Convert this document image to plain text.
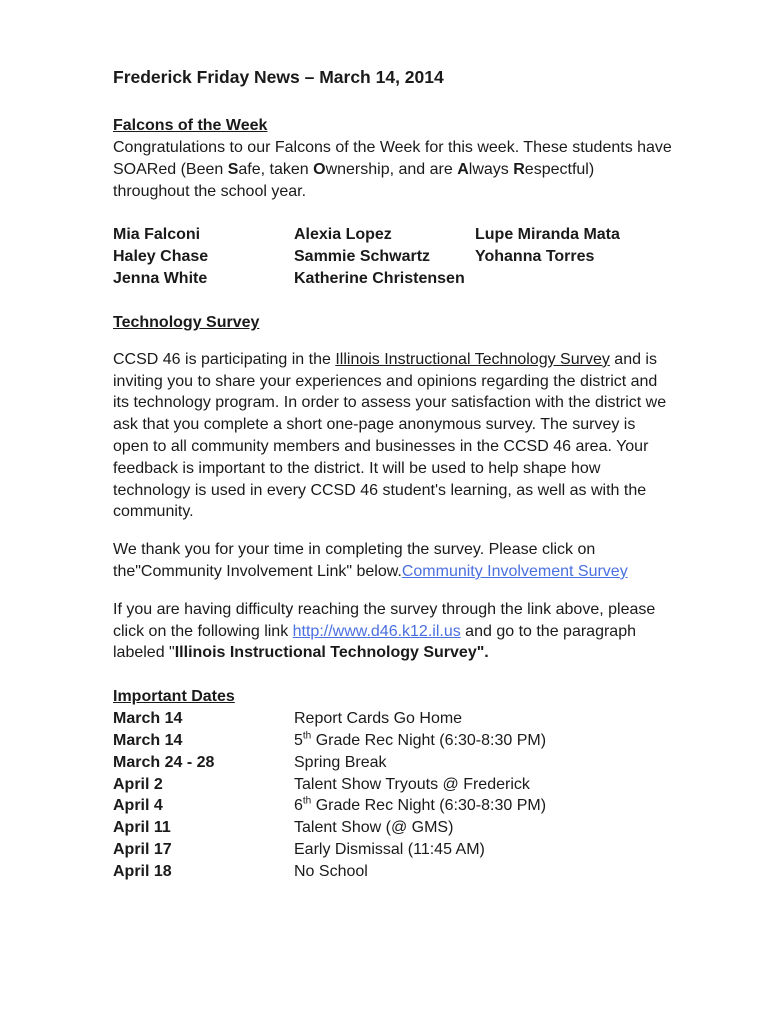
Frederick Friday News – March 14, 2014
Falcons of the Week

Congratulations to our Falcons of the Week for this week. These students have SOARed (Been Safe, taken Ownership, and are Always Respectful) throughout the school year.

Mia Falconi	Alexia Lopez	Lupe Miranda Mata
Haley Chase	Sammie Schwartz	Yohanna Torres
Jenna White	Katherine Christensen
Technology Survey

CCSD 46 is participating in the Illinois Instructional Technology Survey and is inviting you to share your experiences and opinions regarding the district and its technology program. In order to assess your satisfaction with the district we ask that you complete a short one-page anonymous survey. The survey is open to all community members and businesses in the CCSD 46 area. Your feedback is important to the district. It will be used to help shape how technology is used in every CCSD 46 student's learning, as well as with the community.

We thank you for your time in completing the survey. Please click on the"Community Involvement Link" below.Community Involvement Survey

If you are having difficulty reaching the survey through the link above, please click on the following link http://www.d46.k12.il.us and go to the paragraph labeled "Illinois Instructional Technology Survey".

Important Dates
March 14	Report Cards Go Home
March 14	5th Grade Rec Night (6:30-8:30 PM)
March 24 - 28	Spring Break
April 2	Talent Show Tryouts @ Frederick
April 4	6th Grade Rec Night (6:30-8:30 PM)
April 11	Talent Show (@ GMS)
April 17	Early Dismissal (11:45 AM)
April 18	No School
